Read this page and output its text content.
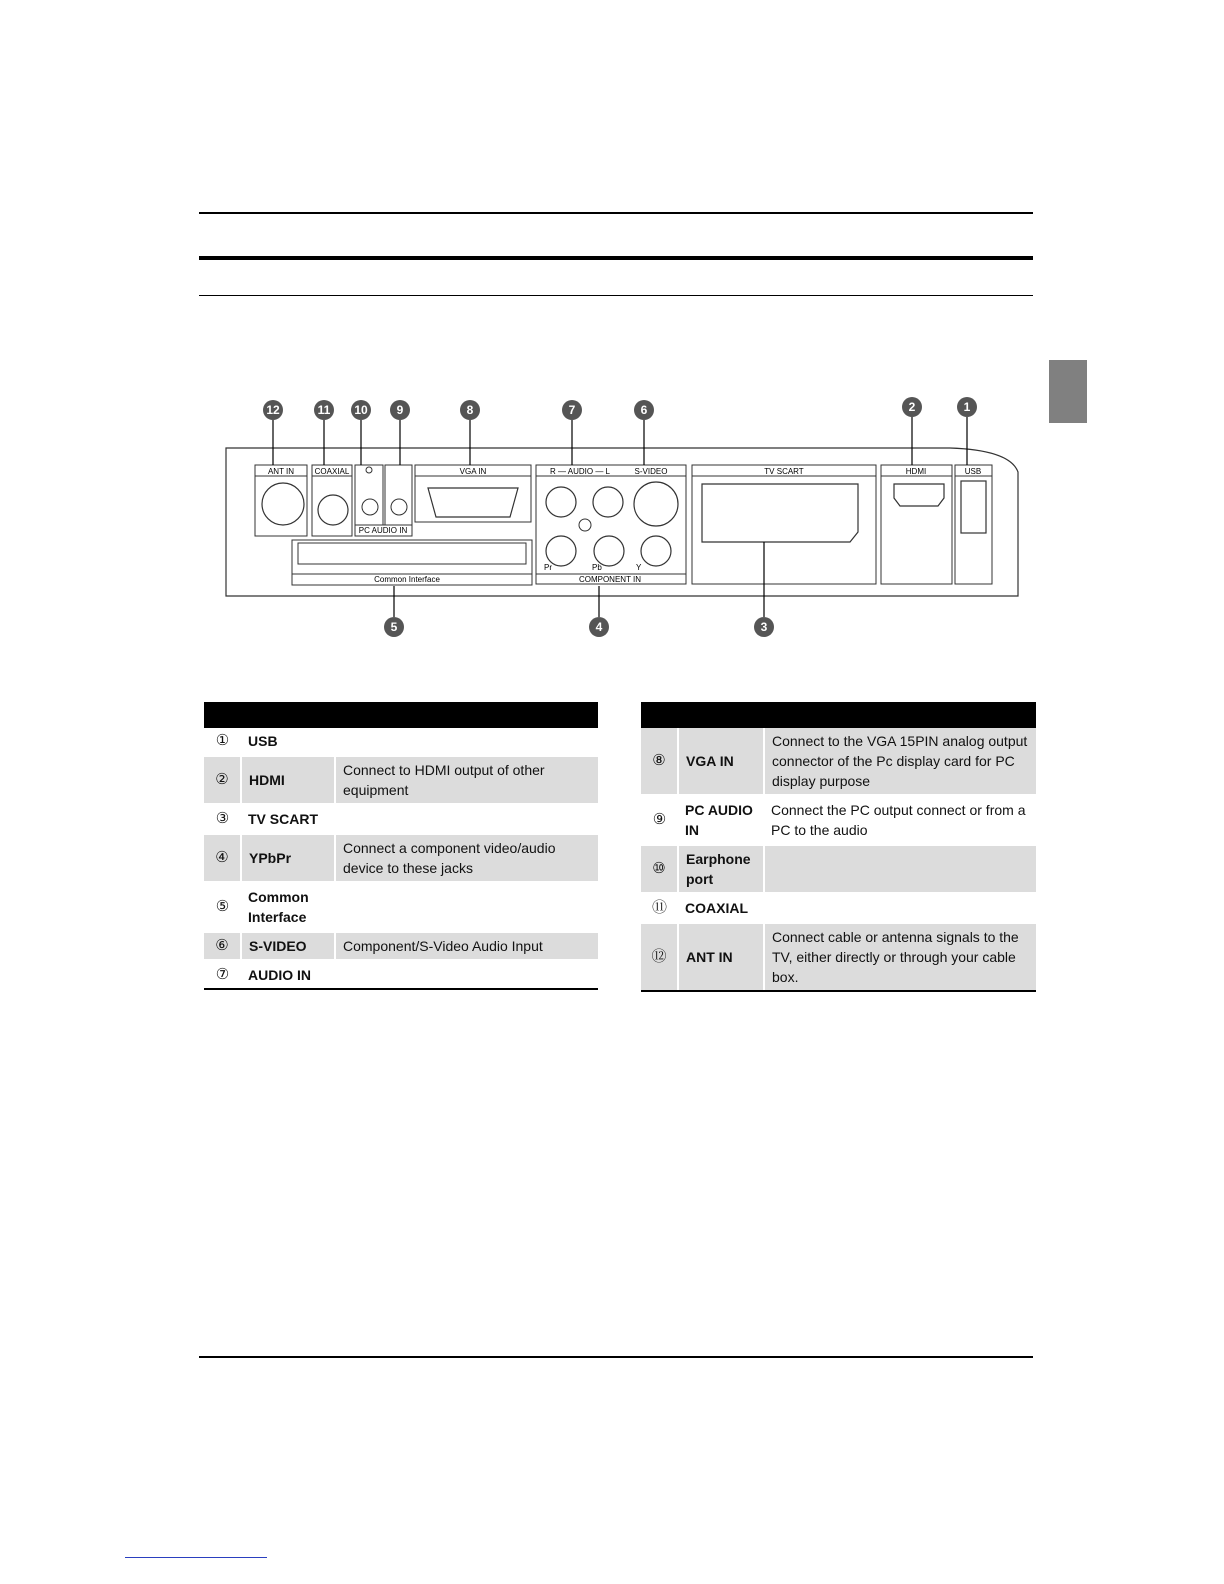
ANT IN	COAXIAL
PC AUDIO IN
VGA IN
Common Interface
R — AUDIO — L	S-VIDEO
Pr	Pb	Y
COMPONENT IN
TV SCART	HDMI	USB
12	11 10 9	8	7	6	2	1
5	4	3

①	USB	
②	HDMI	Connect to HDMI output of other equipment
③	TV SCART	
④	YPbPr	Connect a component video/audio device to these jacks
⑤	Common Interface	
⑥	S-VIDEO	Component/S-Video Audio Input
⑦	AUDIO IN	

⑧	VGA IN	Connect to the VGA 15PIN analog output connector of the Pc display card for PC display purpose
⑨	PC AUDIO IN	Connect the PC output connect or from a PC to the audio
⑩	Earphone port	
⑪	COAXIAL	
⑫	ANT IN	Connect cable or antenna signals to the TV, either directly or through your cable box.
